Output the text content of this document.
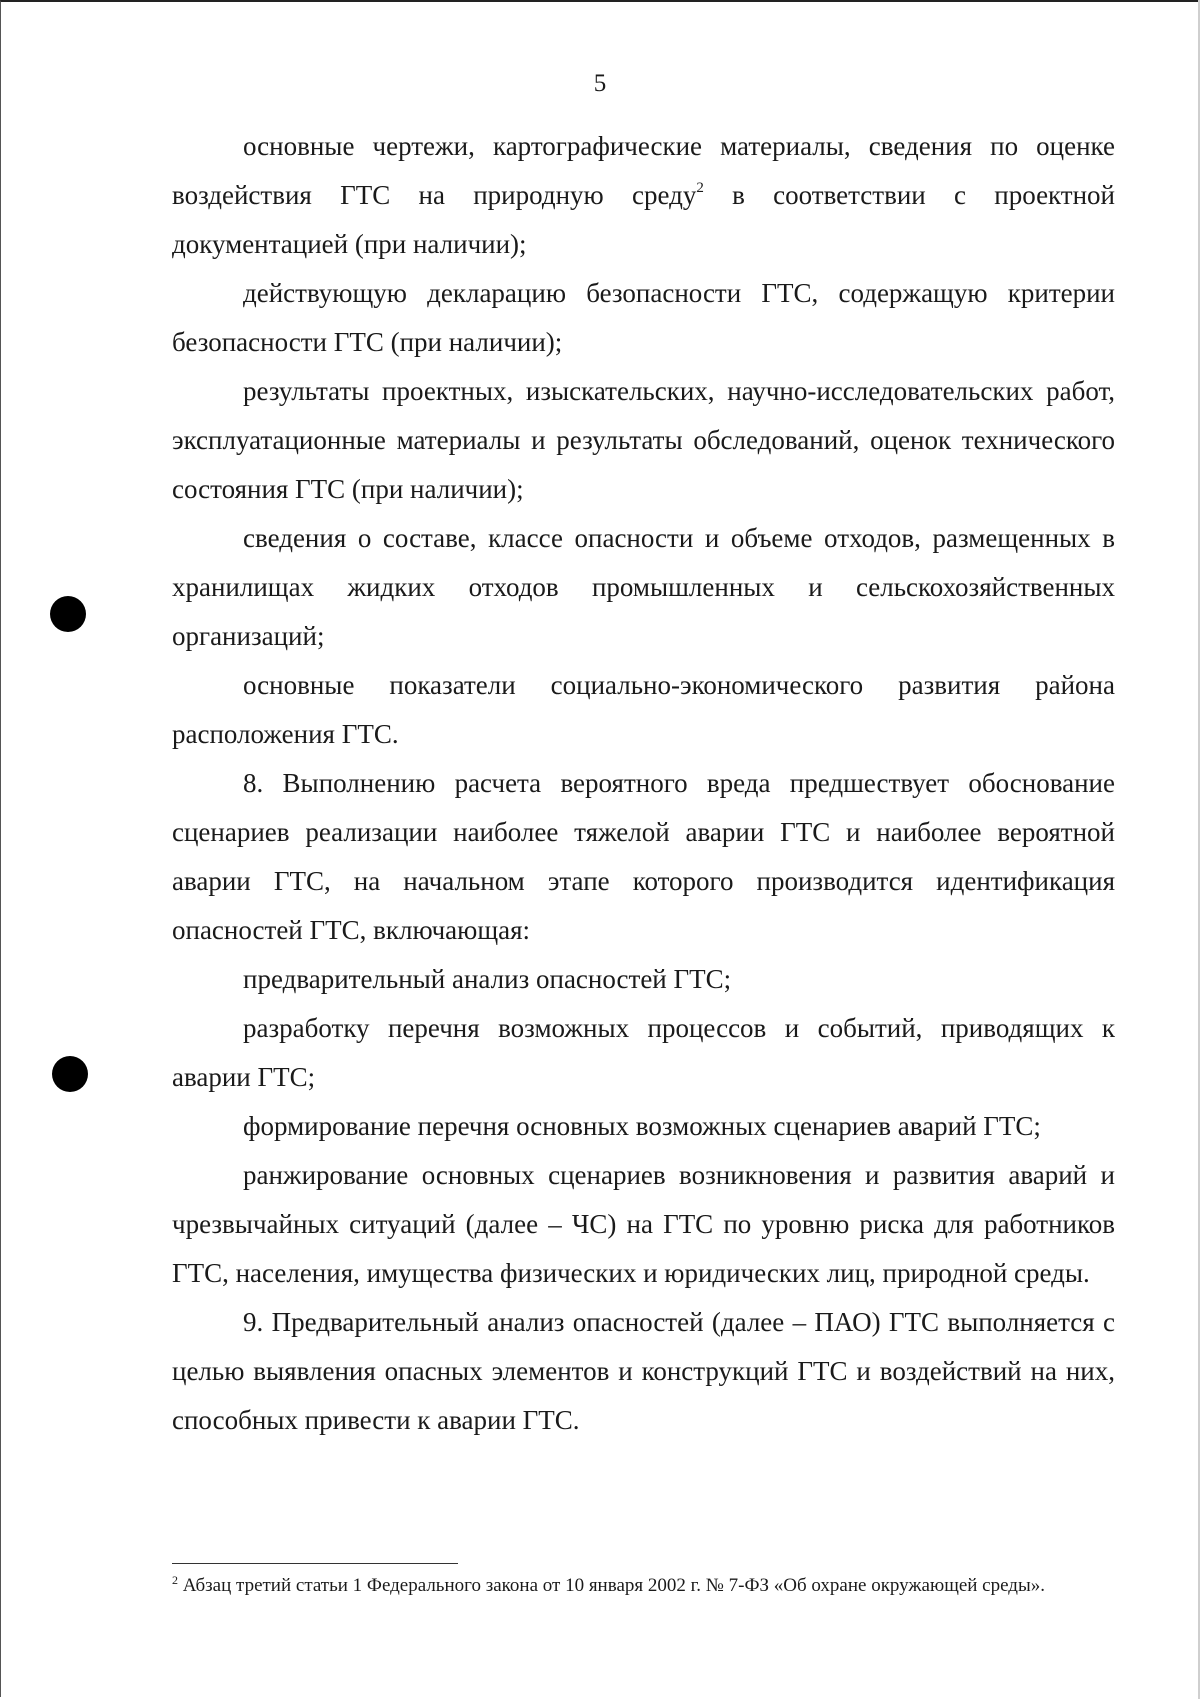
5

основные чертежи, картографические материалы, сведения по оценке воздействия ГТС на природную среду$^2$ в соответствии с проектной документацией (при наличии);

действующую декларацию безопасности ГТС, содержащую критерии безопасности ГТС (при наличии);

результаты проектных, изыскательских, научно-исследовательских работ, эксплуатационные материалы и результаты обследований, оценок технического состояния ГТС (при наличии);

сведения о составе, классе опасности и объеме отходов, размещенных в хранилищах жидких отходов промышленных и сельскохозяйственных организаций;

основные показатели социально-экономического развития района расположения ГТС.

8. Выполнению расчета вероятного вреда предшествует обоснование сценариев реализации наиболее тяжелой аварии ГТС и наиболее вероятной аварии ГТС, на начальном этапе которого производится идентификация опасностей ГТС, включающая:

предварительный анализ опасностей ГТС;

разработку перечня возможных процессов и событий, приводящих к аварии ГТС;

формирование перечня основных возможных сценариев аварий ГТС;

ранжирование основных сценариев возникновения и развития аварий и чрезвычайных ситуаций (далее – ЧС) на ГТС по уровню риска для работников ГТС, населения, имущества физических и юридических лиц, природной среды.

9. Предварительный анализ опасностей (далее – ПАО) ГТС выполняется с целью выявления опасных элементов и конструкций ГТС и воздействий на них, способных привести к аварии ГТС.

$^2$ Абзац третий статьи 1 Федерального закона от 10 января 2002 г. № 7-ФЗ «Об охране окружающей среды».
